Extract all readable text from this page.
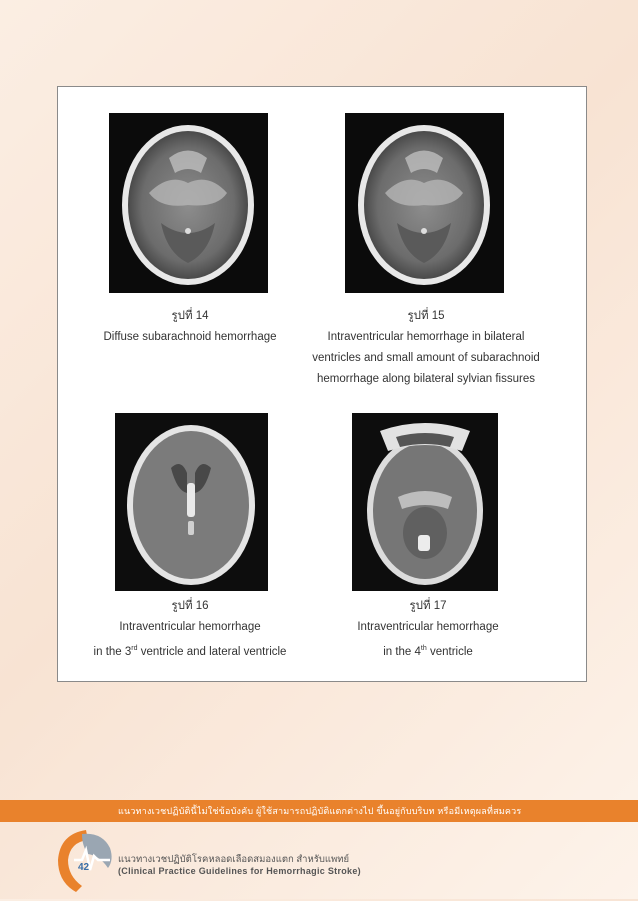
รูปที่ 14
Diffuse subarachnoid hemorrhage
รูปที่ 15
Intraventricular hemorrhage in bilateral
ventricles and small amount of subarachnoid
hemorrhage along bilateral sylvian fissures
รูปที่ 16
Intraventricular hemorrhage
in the 3rd ventricle and lateral ventricle
รูปที่ 17
Intraventricular hemorrhage
in the 4th ventricle
แนวทางเวชปฏิบัตินี้ไม่ใช่ข้อบังคับ ผู้ใช้สามารถปฏิบัติแตกต่างไป ขึ้นอยู่กับบริบท หรือมีเหตุผลที่สมควร
42
แนวทางเวชปฏิบัติโรคหลอดเลือดสมองแตก สำหรับแพทย์
(Clinical Practice Guidelines for Hemorrhagic Stroke)
